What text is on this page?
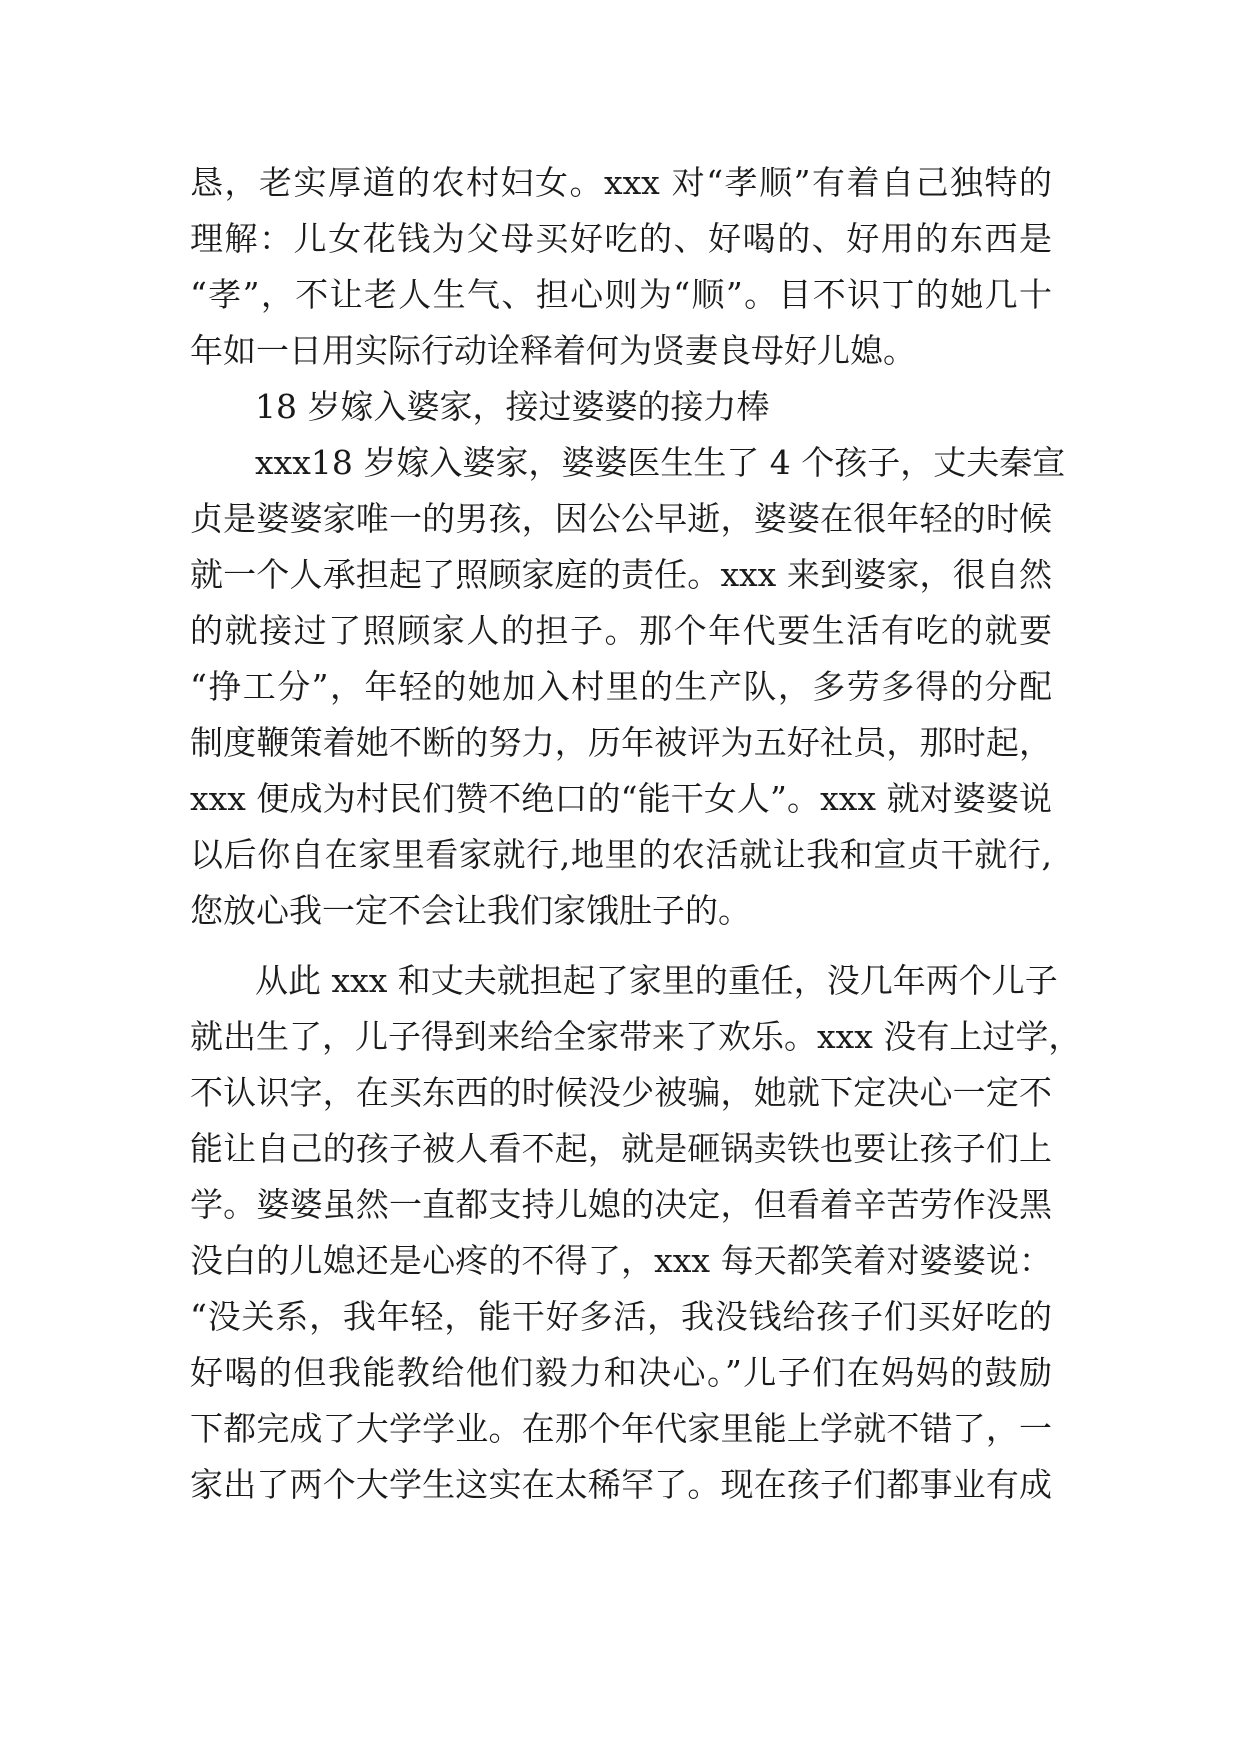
恳，老实厚道的农村妇女。xxx 对“孝顺”有着自己独特的
理解：儿女花钱为父母买好吃的、好喝的、好用的东西是
“孝”，不让老人生气、担心则为“顺”。目不识丁的她几十
年如一日用实际行动诠释着何为贤妻良母好儿媳。
18 岁嫁入婆家，接过婆婆的接力棒
xxx18 岁嫁入婆家，婆婆医生生了 4 个孩子，丈夫秦宣
贞是婆婆家唯一的男孩，因公公早逝，婆婆在很年轻的时候
就一个人承担起了照顾家庭的责任。xxx 来到婆家，很自然
的就接过了照顾家人的担子。那个年代要生活有吃的就要
“挣工分”，年轻的她加入村里的生产队，多劳多得的分配
制度鞭策着她不断的努力，历年被评为五好社员，那时起，
xxx 便成为村民们赞不绝口的“能干女人”。xxx 就对婆婆说
以后你自在家里看家就行,地里的农活就让我和宣贞干就行,
您放心我一定不会让我们家饿肚子的。
从此 xxx 和丈夫就担起了家里的重任，没几年两个儿子
就出生了，儿子得到来给全家带来了欢乐。xxx 没有上过学，
不认识字，在买东西的时候没少被骗，她就下定决心一定不
能让自己的孩子被人看不起，就是砸锅卖铁也要让孩子们上
学。婆婆虽然一直都支持儿媳的决定，但看着辛苦劳作没黑
没白的儿媳还是心疼的不得了，xxx 每天都笑着对婆婆说：
“没关系，我年轻，能干好多活，我没钱给孩子们买好吃的
好喝的但我能教给他们毅力和决心。”儿子们在妈妈的鼓励
下都完成了大学学业。在那个年代家里能上学就不错了，一
家出了两个大学生这实在太稀罕了。现在孩子们都事业有成
